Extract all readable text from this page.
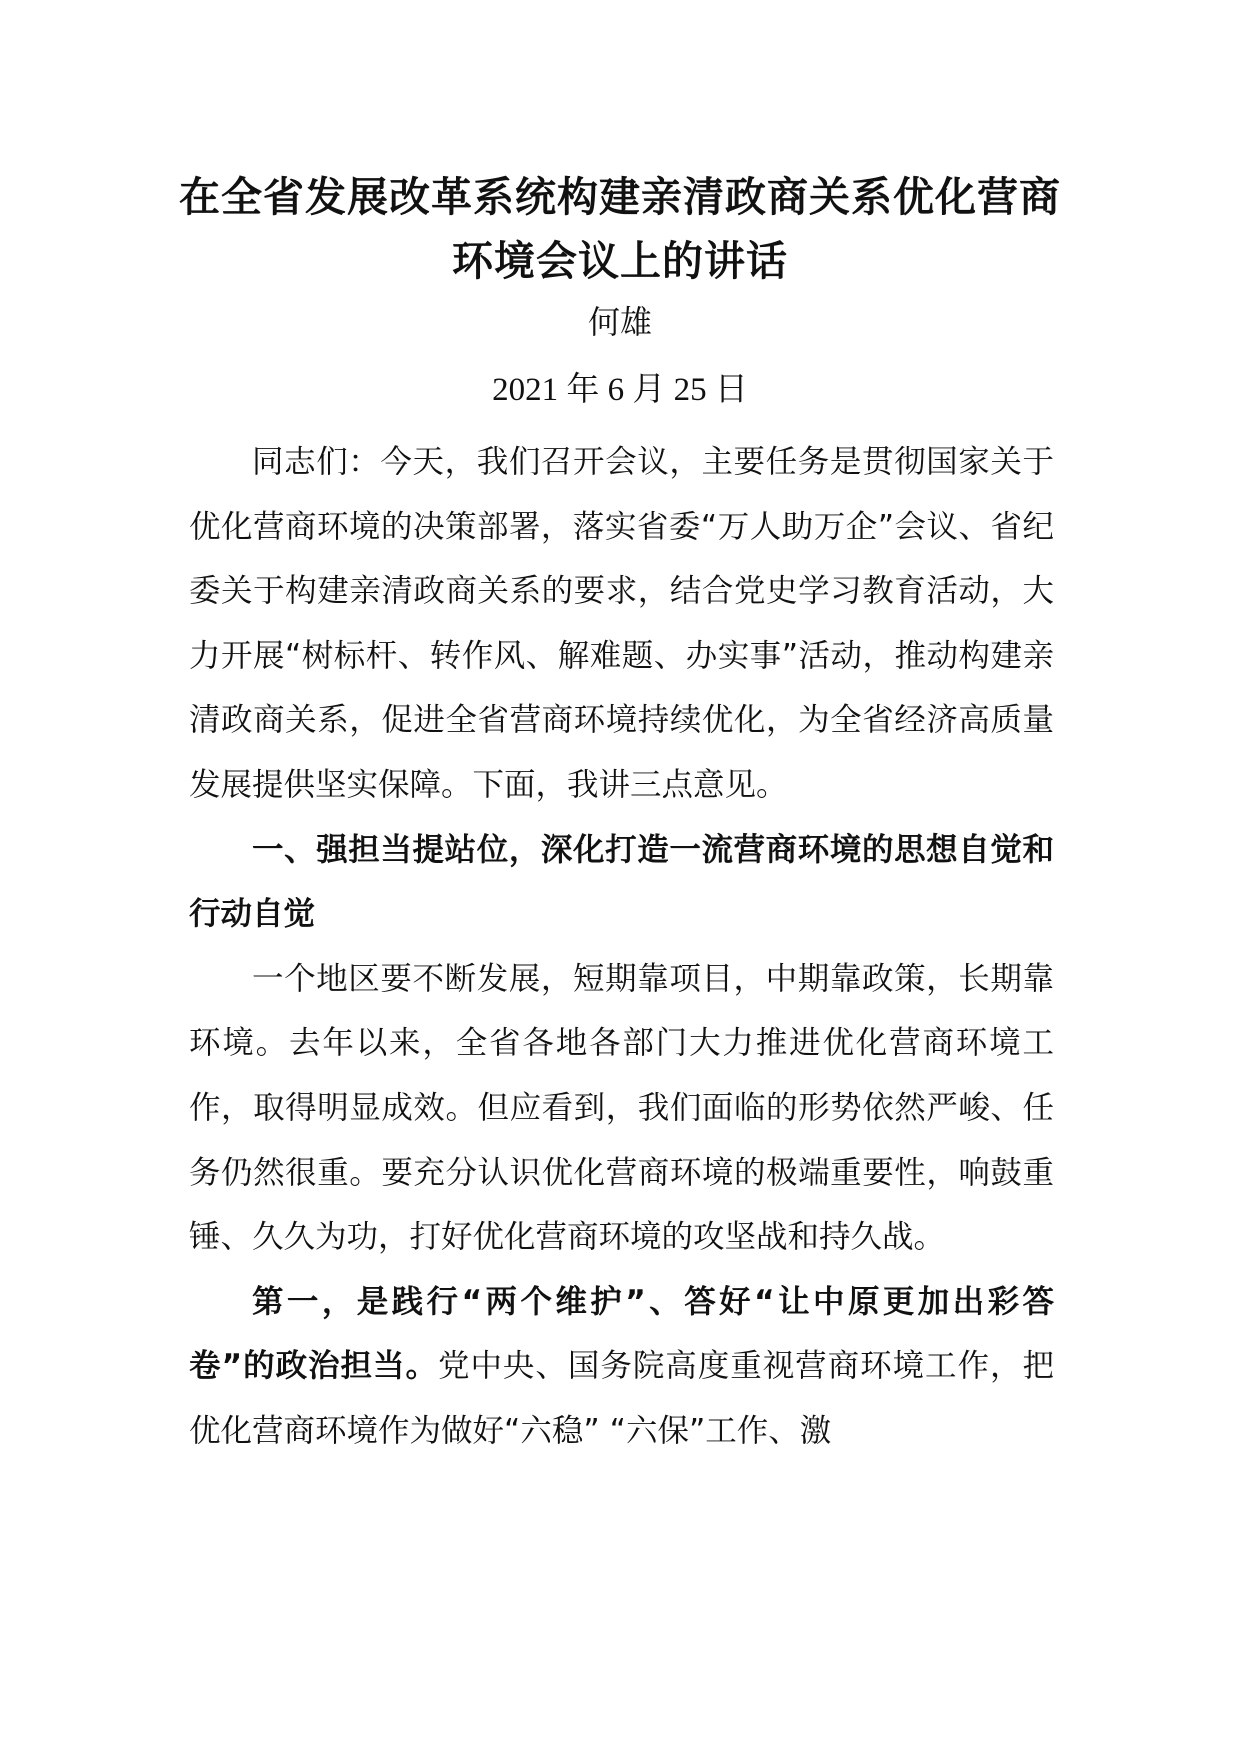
在全省发展改革系统构建亲清政商关系优化营商环境会议上的讲话
何雄
2021 年 6 月 25 日

同志们：今天，我们召开会议，主要任务是贯彻国家关于优化营商环境的决策部署，落实省委“万人助万企”会议、省纪委关于构建亲清政商关系的要求，结合党史学习教育活动，大力开展“树标杆、转作风、解难题、办实事”活动，推动构建亲清政商关系，促进全省营商环境持续优化，为全省经济高质量发展提供坚实保障。下面，我讲三点意见。

一、强担当提站位，深化打造一流营商环境的思想自觉和行动自觉

一个地区要不断发展，短期靠项目，中期靠政策，长期靠环境。去年以来，全省各地各部门大力推进优化营商环境工作，取得明显成效。但应看到，我们面临的形势依然严峻、任务仍然很重。要充分认识优化营商环境的极端重要性，响鼓重锤、久久为功，打好优化营商环境的攻坚战和持久战。

第一，是践行“两个维护”、答好“让中原更加出彩答卷”的政治担当。党中央、国务院高度重视营商环境工作，把优化营商环境作为做好“六稳” “六保”工作、激
